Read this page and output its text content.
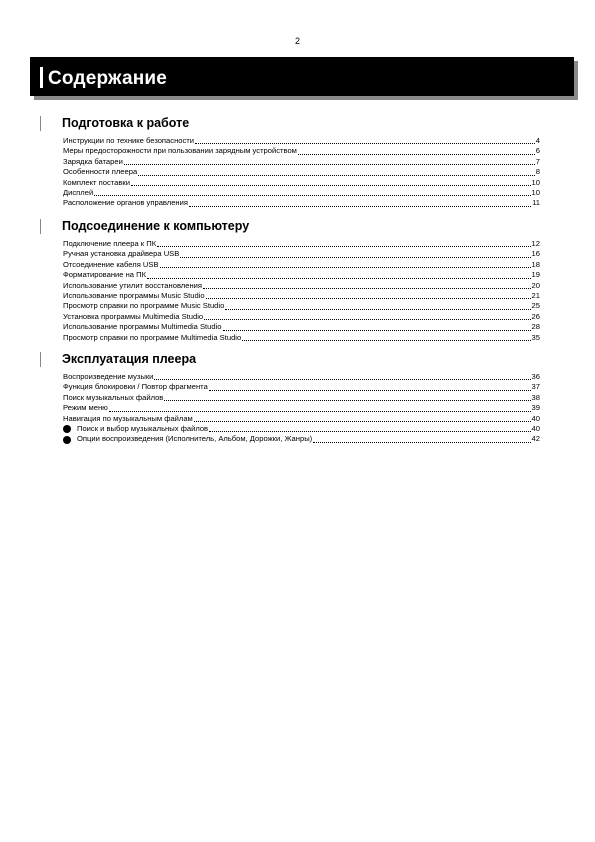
2
Содержание
Подготовка к работе
Инструкции по технике безопасности	4
Меры предосторожности при пользовании зарядным устройством	6
Зарядка батареи	7
Особенности плеера	8
Комплект поставки	10
Дисплей	10
Расположение органов управления	11
Подсоединение к компьютеру
Подключение плеера к ПК	12
Ручная установка драйвера USB	16
Отсоединение кабеля USB	18
Форматирование на ПК	19
Использование утилит восстановления	20
Использование программы Music Studio	21
Просмотр справки по программе Music Studio	25
Установка программы Multimedia Studio	26
Использование программы Multimedia Studio	28
Просмотр справки по программе Multimedia Studio	35
Эксплуатация плеера
Воспроизведение музыки	36
Функция блокировки / Повтор фрагмента	37
Поиск музыкальных файлов	38
Режим меню	39
Навигация по музыкальным файлам	40
Поиск и выбор музыкальных файлов	40
Опции воспроизведения (Исполнитель, Альбом, Дорожки, Жанры)	42
